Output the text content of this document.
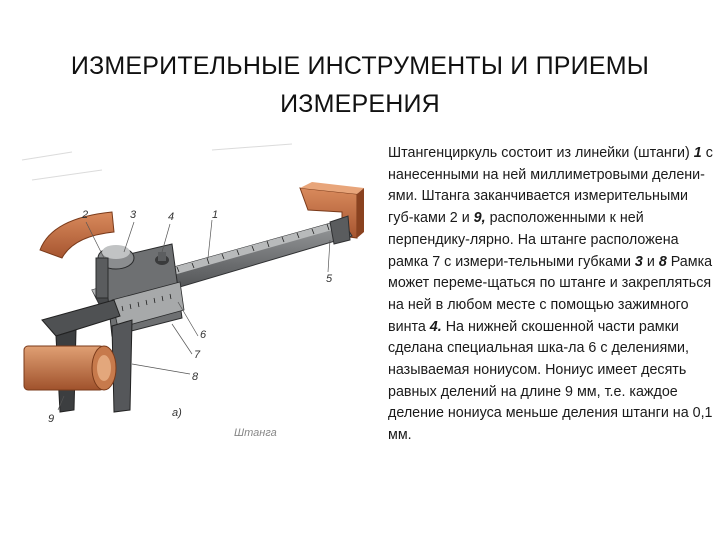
ИЗМЕРИТЕЛЬНЫЕ ИНСТРУМЕНТЫ И ПРИЕМЫ
ИЗМЕРЕНИЯ
2	3	4	1
5
6
7
8
9	а)
Штанга
Штангенциркуль состоит из линейки (штанги) 1 с нанесенными на ней миллиметровыми делени-ями. Штанга заканчивается измерительными губ-ками 2 и 9, расположенными к ней перпендику-лярно. На штанге расположена рамка 7 с измери-тельными губками 3 и 8 Рамка может переме-щаться по штанге и закрепляться на ней в любом месте с помощью зажимного винта 4. На нижней скошенной части рамки сделана специальная шка-ла 6 с делениями, называемая нониусом. Нониус имеет десять равных делений на длине 9 мм, т.е. каждое деление нониуса меньше деления штанги на 0,1 мм.
